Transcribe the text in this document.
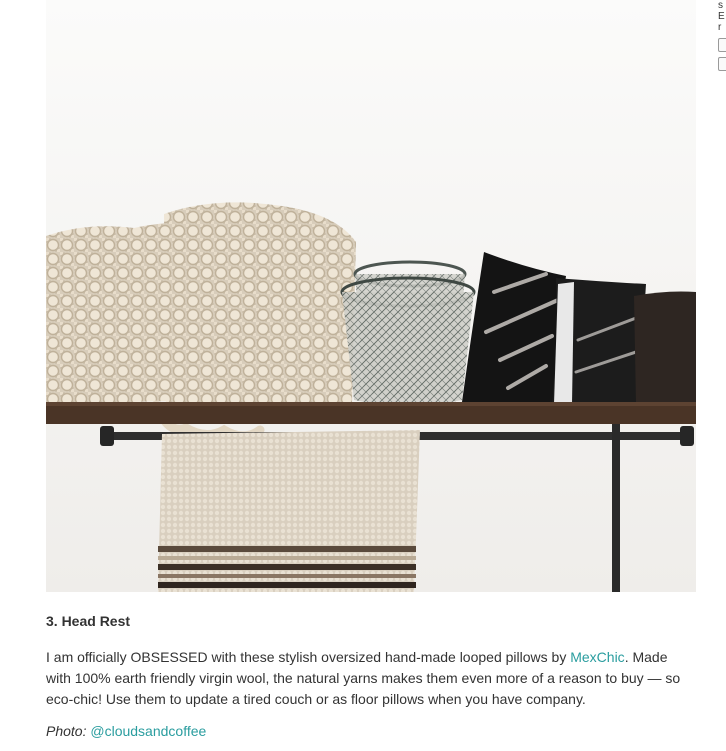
s
E
r
3. Head Rest

I am officially OBSESSED with these stylish oversized hand-made looped pillows by MexChic. Made with 100% earth friendly virgin wool, the natural yarns makes them even more of a reason to buy — so eco-chic! Use them to update a tired couch or as floor pillows when you have company.

Photo: @cloudsandcoffee
